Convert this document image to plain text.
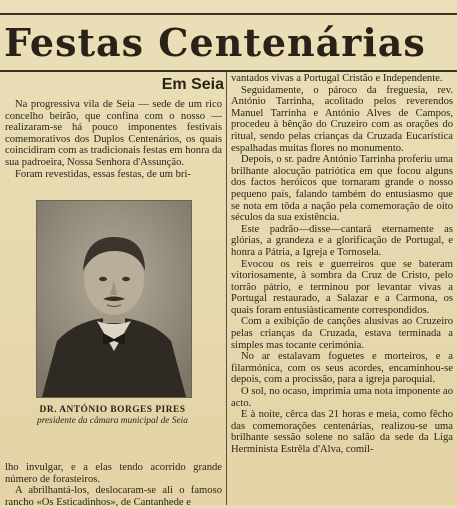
Festas Centenárias
Em Seia

Na progressiva vila de Seia — sede de um rico concelho beirão, que confina com o nosso — realizaram-se há pouco imponentes festivais comemorativos dos Duplos Centenários, os quais coincidiram com as tradicionais festas em honra da sua padroeira, Nossa Senhora d'Assunção.

Foram revestidas, essas festas, de um bri-

DR. ANTÓNIO BORGES PIRES
presidente da câmara municipal de Seia

lho invulgar, e a elas tendo acorrido grande número de forasteiros.

A abrilhantá-los, deslocaram-se ali o famoso rancho «Os Esticadinhos», de Cantanhede e

vantados vivas a Portugal Cristão e Independente.

Seguidamente, o pároco da freguesia, rev. António Tarrinha, acolitado pelos reverendos Manuel Tarrinha e António Alves de Campos, procedeu à bênção do Cruzeiro com as orações do ritual, sendo pelas crianças da Cruzada Eucarística espalhadas muitas flores no monumento.

Depois, o sr. padre António Tarrinha proferiu uma brilhante alocução patriótica em que focou alguns dos factos heróicos que tornaram grande o nosso pequeno país, falando também do entusiasmo que se nota em tôda a nação pela comemoração de oito séculos da sua existência.

Este padrão—disse—cantará eternamente as glórias, a grandeza e a glorificação de Portugal, e honra a Pátria, a Igreja e Tornosela.

Evocou os reis e guerreiros que se bateram vitoriosamente, à sombra da Cruz de Cristo, pelo torrão pátrio, e terminou por levantar vivas a Portugal restaurado, a Salazar e a Carmona, os quais foram entusiàsticamente correspondidos.

Com a exibição de canções alusivas ao Cruzeiro pelas crianças da Cruzada, estava terminada a simples mas tocante cerimónia.

No ar estalavam foguetes e morteiros, e a filarmónica, com os seus acordes, encaminhou-se depois, com a procissão, para a igreja paroquial.

O sol, no ocaso, imprimia uma nota imponente ao acto.

E à noite, cêrca das 21 horas e meia, como fêcho das comemorações centenárias, realizou-se uma brilhante sessão solene no salão da sede da Liga Herminista Estrêla d'Alva, comil-
